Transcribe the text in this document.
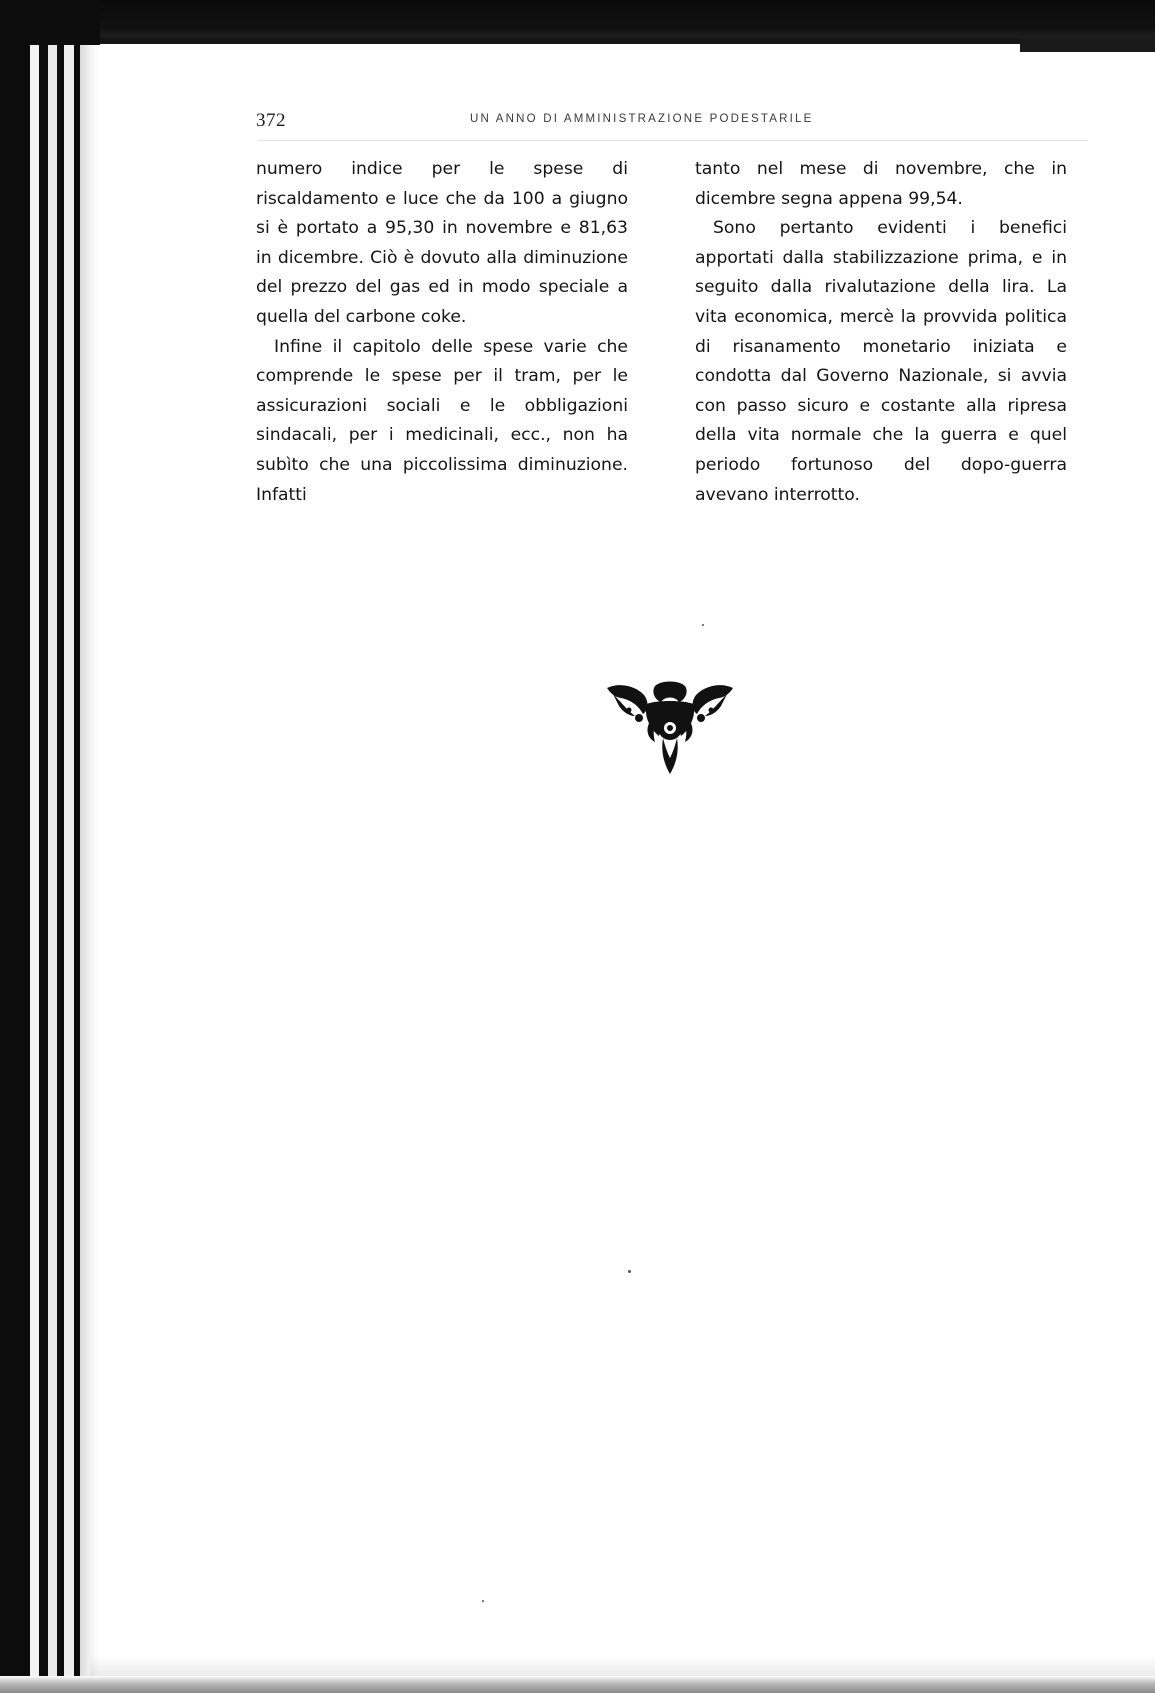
372	UN ANNO DI AMMINISTRAZIONE PODESTARILE

numero indice per le spese di riscaldamento e luce che da 100 a giugno si è portato a 95,30 in novembre e 81,63 in dicembre. Ciò è dovuto alla diminuzione del prezzo del gas ed in modo speciale a quella del carbone coke.

Infine il capitolo delle spese varie che comprende le spese per il tram, per le assicurazioni sociali e le obbligazioni sindacali, per i medicinali, ecc., non ha subìto che una piccolissima diminuzione. Infatti

tanto nel mese di novembre, che in dicembre segna appena 99,54.

Sono pertanto evidenti i benefici apportati dalla stabilizzazione prima, e in seguito dalla rivalutazione della lira. La vita economica, mercè la provvida politica di risanamento monetario iniziata e condotta dal Governo Nazionale, si avvia con passo sicuro e costante alla ripresa della vita normale che la guerra e quel periodo fortunoso del dopo-guerra avevano interrotto.
